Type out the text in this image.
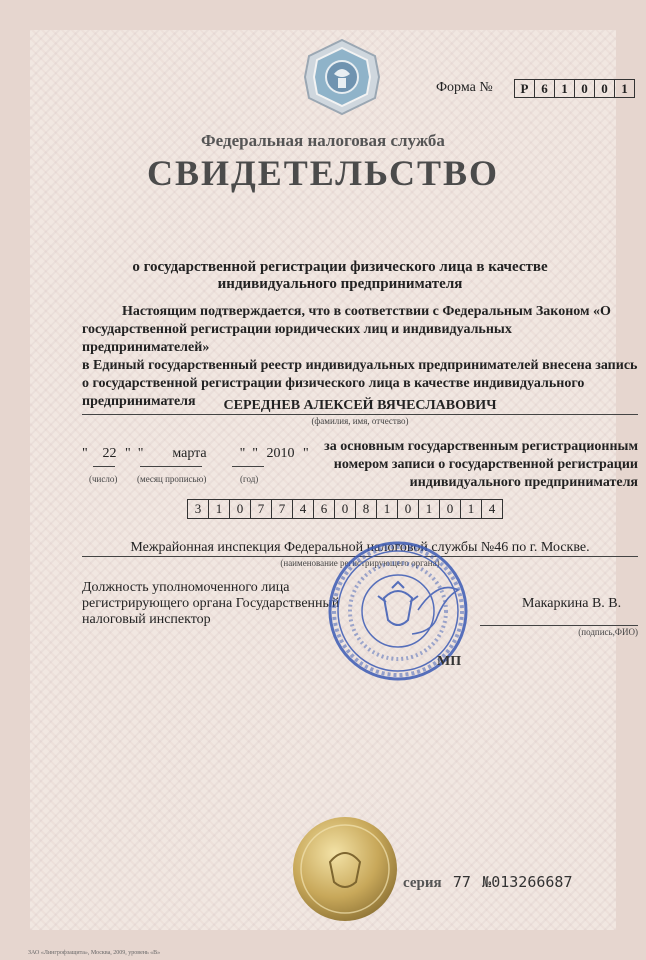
Форма №	Р 6	1	0	0	1
Федеральная налоговая служба
СВИДЕТЕЛЬСТВО
о государственной регистрации физического лица в качестве
индивидуального предпринимателя
Настоящим подтверждается, что в соответствии с Федеральным Законом «О
государственной регистрации юридических лиц и индивидуальных предпринимателей»
в Единый государственный реестр индивидуальных предпринимателей внесена запись
о государственной регистрации физического лица в качестве индивидуального
предпринимателя	СЕРЕДНЕВ АЛЕКСЕЙ ВЯЧЕСЛАВОВИЧ
(фамилия, имя, отчество)
" 22 "  " марта "  " 2010 "
(число) (месяц прописью)	(год)
за основным государственным регистрационным
номером записи о государственной регистрации
индивидуального предпринимателя
3	1	0	7	7	4	6	0	8	1	0	1	0	1	4
Межрайонная инспекция Федеральной налоговой службы №46 по г. Москве.
(наименование регистрирующего органа)
Должность уполномоченного лица
регистрирующего органа Государственный
налоговый инспектор
Макаркина В. В.
(подпись,ФИО)
МП
серия 77 №013266687
ЗАО «Лингрофзащита», Москва, 2009, уровень «В»
